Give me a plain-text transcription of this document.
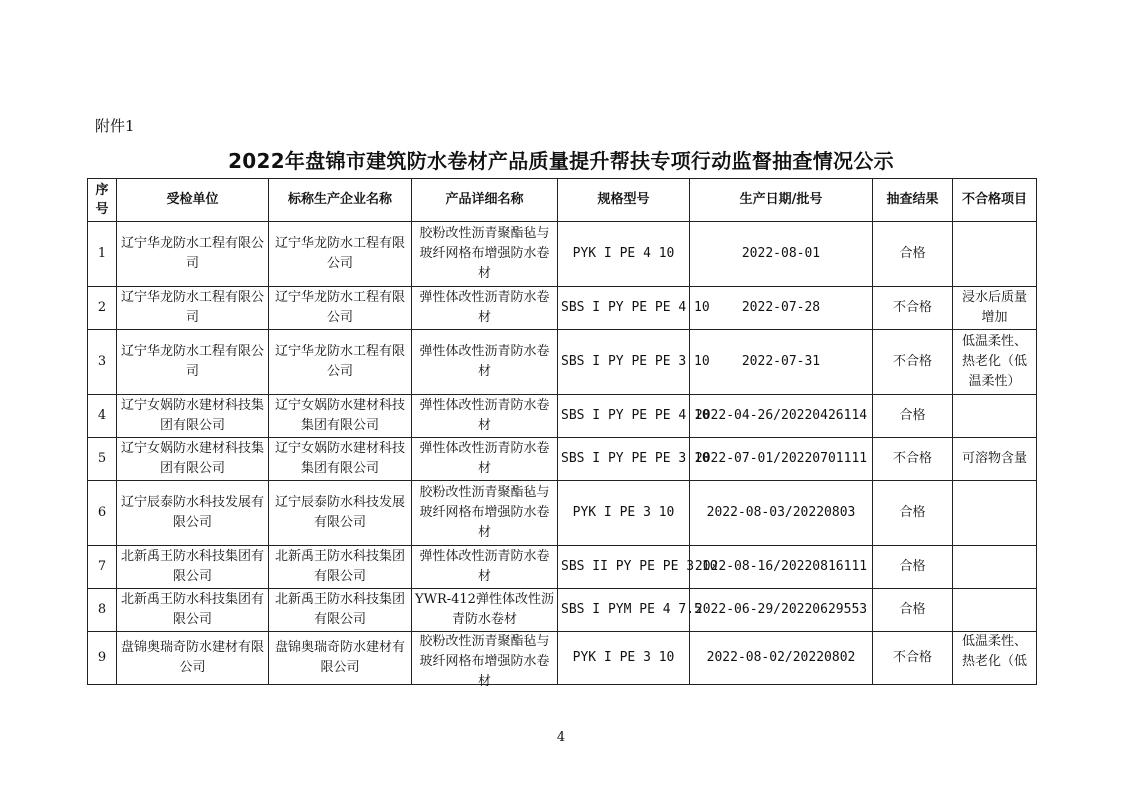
附件1
2022年盘锦市建筑防水卷材产品质量提升帮扶专项行动监督抽查情况公示
序号	受检单位	标称生产企业名称	产品详细名称	规格型号	生产日期/批号	抽查结果	不合格项目
1	辽宁华龙防水工程有限公司	辽宁华龙防水工程有限公司	胶粉改性沥青聚酯毡与玻纤网格布增强防水卷材	PYK I PE 4 10	2022-08-01	合格	
2	辽宁华龙防水工程有限公司	辽宁华龙防水工程有限公司	弹性体改性沥青防水卷材	SBS I PY PE PE 4 10	2022-07-28	不合格	浸水后质量增加
3	辽宁华龙防水工程有限公司	辽宁华龙防水工程有限公司	弹性体改性沥青防水卷材	SBS I PY PE PE 3 10	2022-07-31	不合格	低温柔性、热老化（低温柔性）
4	辽宁女娲防水建材科技集团有限公司	辽宁女娲防水建材科技集团有限公司	弹性体改性沥青防水卷材	SBS I PY PE PE 4 10	2022-04-26/20220426114	合格	
5	辽宁女娲防水建材科技集团有限公司	辽宁女娲防水建材科技集团有限公司	弹性体改性沥青防水卷材	SBS I PY PE PE 3 10	2022-07-01/20220701111	不合格	可溶物含量
6	辽宁辰泰防水科技发展有限公司	辽宁辰泰防水科技发展有限公司	胶粉改性沥青聚酯毡与玻纤网格布增强防水卷材	PYK I PE 3 10	2022-08-03/20220803	合格	
7	北新禹王防水科技集团有限公司	北新禹王防水科技集团有限公司	弹性体改性沥青防水卷材	SBS II PY PE PE 3 10	2022-08-16/20220816111	合格	
8	北新禹王防水科技集团有限公司	北新禹王防水科技集团有限公司	YWR-412弹性体改性沥青防水卷材	SBS I PYM PE 4 7.5	2022-06-29/20220629553	合格	
9	盘锦奥瑞奇防水建材有限公司	盘锦奥瑞奇防水建材有限公司	胶粉改性沥青聚酯毡与玻纤网格布增强防水卷材	PYK I PE 3 10	2022-08-02/20220802	不合格	低温柔性、热老化（低
4
